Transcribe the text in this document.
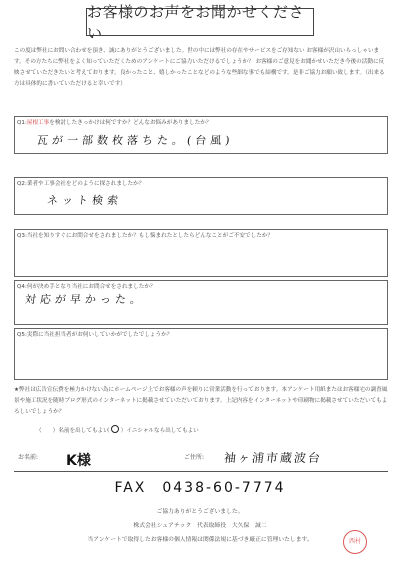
お客様のお声をお聞かせください

この度は弊社にお問い合わせを頂き、誠にありがとうございました。世の中には弊社の存在やサービスをご存知ない お客様が沢山いらっしゃいます。その方たちに弊社をよく知っていただくためのアンケートにご協力いただけるでしょうか？ お客様のご意見をお聞かせいただき今後の活動に反映させていただきたいと考えております。良かったこと、嬉しかったことなどのような些細な事でも結構です。是非ご協力お願い致します。（出来る方は具体的に書いていただけると幸いです）

Q1:屋根工事を検討したきっかけは何ですか？どんなお悩みがありましたか？
瓦が一部数枚落ちた。(台風)
Q2:業者や工事会社をどのように探されましたか？
ネット検索
Q3:当社を知りすぐにお問合せをされましたか？もし悩まれたとしたらどんなことがご不安でしたか？
Q4:何が決め手となり当社にお問合せをされましたか？
対応が早かった。
Q5:実際に当社担当者がお伺いしていかがでしたでしょうか？

★弊社は広告宣伝費を極力かけない為にホームページ上でお客様の声を頼りに営業活動を行っております。本アンケート用紙またはお客様宅の調査風景や施工状況を随時ブログ形式のインターネットに掲載させていただいております。上記内容をインターネットや印刷物に掲載させていただいてもよろしいでしょうか？

（　　）名前を出してもよい
（　　）イニシャルなら出してもよい
お名前: K様	ご住所: 袖ヶ浦市蔵波台
FAX　0438-60-7774
ご協力ありがとうございました。
株式会社シェアテック　代表取締役　大久保　誠二
当アンケートで取得したお客様の個人情報は関係法規に基づき厳正に管理いたします。	西村
